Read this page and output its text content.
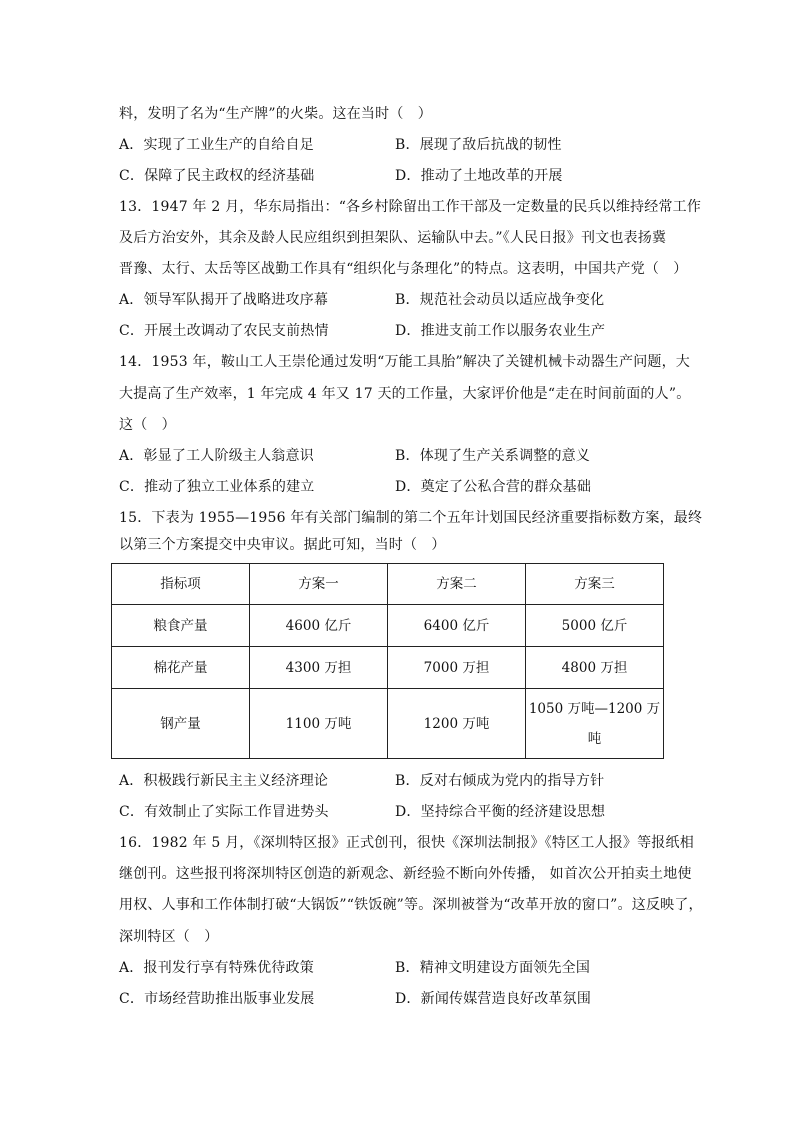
料，发明了名为“生产牌”的火柴。这在当时（　）
A．实现了工业生产的自给自足	B．展现了敌后抗战的韧性
C．保障了民主政权的经济基础	D．推动了土地改革的开展
13．1947 年 2 月，华东局指出：“各乡村除留出工作干部及一定数量的民兵以维持经常工作
及后方治安外，其余及龄人民应组织到担架队、运输队中去。”《人民日报》刊文也表扬冀
晋豫、太行、太岳等区战勤工作具有“组织化与条理化”的特点。这表明，中国共产党（　）
A．领导军队揭开了战略进攻序幕	B．规范社会动员以适应战争变化
C．开展土改调动了农民支前热情	D．推进支前工作以服务农业生产
14．1953 年，鞍山工人王崇伦通过发明“万能工具胎”解决了关键机械卡动器生产问题，大
大提高了生产效率，1 年完成 4 年又 17 天的工作量，大家评价他是“走在时间前面的人”。
这（　）
A．彰显了工人阶级主人翁意识	B．体现了生产关系调整的意义
C．推动了独立工业体系的建立	D．奠定了公私合营的群众基础
15．下表为 1955—1956 年有关部门编制的第二个五年计划国民经济重要指标数方案，最终
以第三个方案提交中央审议。据此可知，当时（　）
指标项	方案一	方案二	方案三
粮食产量	4600 亿斤	6400 亿斤	5000 亿斤
棉花产量	4300 万担	7000 万担	4800 万担
钢产量	1100 万吨	1200 万吨	1050 万吨—1200 万
吨
A．积极践行新民主主义经济理论	B．反对右倾成为党内的指导方针
C．有效制止了实际工作冒进势头	D．坚持综合平衡的经济建设思想
16．1982 年 5 月，《深圳特区报》正式创刊，很快《深圳法制报》《特区工人报》等报纸相
继创刊。这些报刊将深圳特区创造的新观念、新经验不断向外传播， 如首次公开拍卖土地使
用权、人事和工作体制打破“大锅饭”“铁饭碗”等。深圳被誉为“改革开放的窗口”。这反映了，
深圳特区（　）
A．报刊发行享有特殊优待政策	B．精神文明建设方面领先全国
C．市场经营助推出版事业发展	D．新闻传媒营造良好改革氛围
